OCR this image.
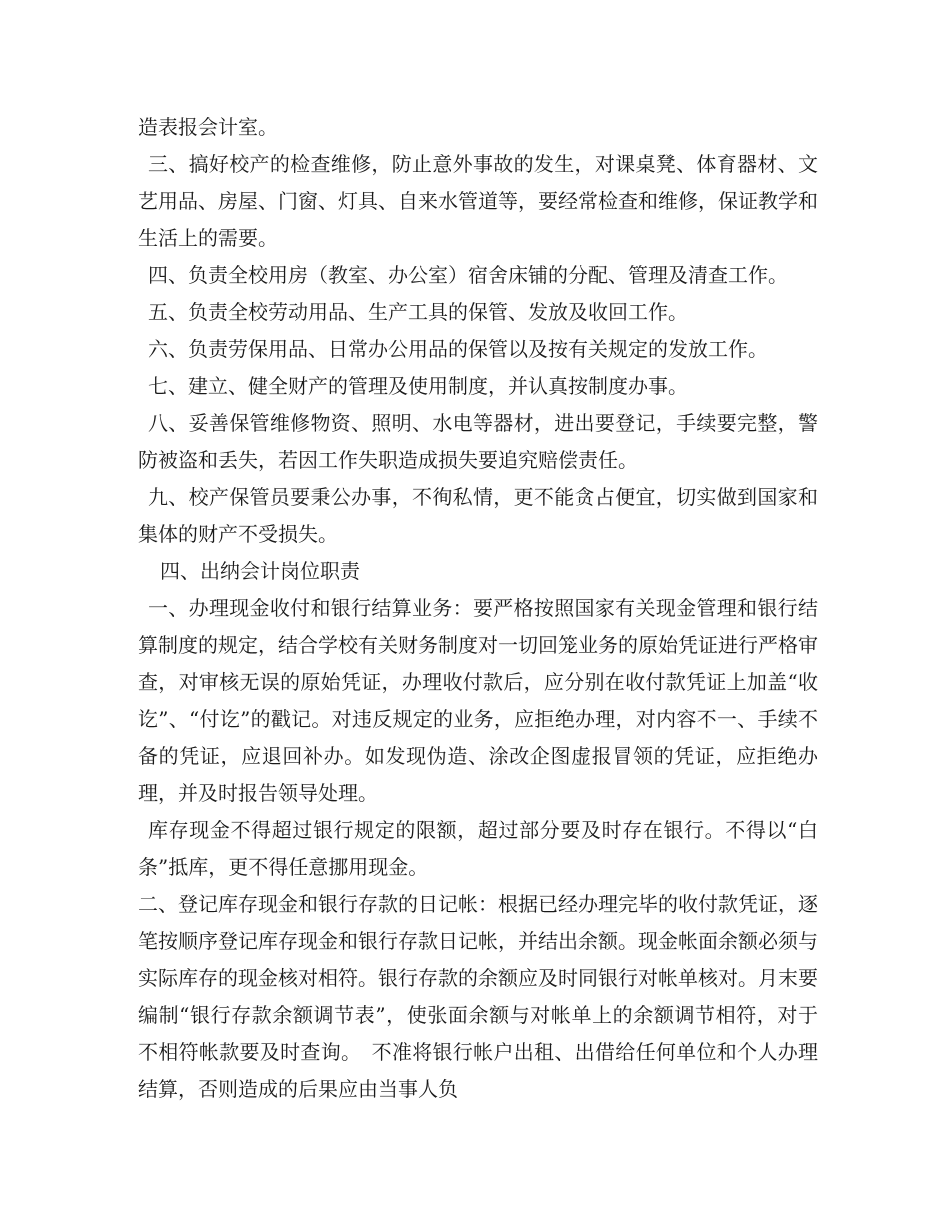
造表报会计室。

三、搞好校产的检查维修，防止意外事故的发生，对课桌凳、体育器材、文艺用品、房屋、门窗、灯具、自来水管道等，要经常检查和维修，保证教学和生活上的需要。

四、负责全校用房（教室、办公室）宿舍床铺的分配、管理及清查工作。

五、负责全校劳动用品、生产工具的保管、发放及收回工作。

六、负责劳保用品、日常办公用品的保管以及按有关规定的发放工作。

七、建立、健全财产的管理及使用制度，并认真按制度办事。

八、妥善保管维修物资、照明、水电等器材，进出要登记，手续要完整，警防被盗和丢失，若因工作失职造成损失要追究赔偿责任。

九、校产保管员要秉公办事，不徇私情，更不能贪占便宜，切实做到国家和集体的财产不受损失。

四、出纳会计岗位职责

一、办理现金收付和银行结算业务：要严格按照国家有关现金管理和银行结算制度的规定，结合学校有关财务制度对一切回笼业务的原始凭证进行严格审查，对审核无误的原始凭证，办理收付款后，应分别在收付款凭证上加盖“收讫”、“付讫”的戳记。对违反规定的业务，应拒绝办理，对内容不一、手续不备的凭证，应退回补办。如发现伪造、涂改企图虚报冒领的凭证，应拒绝办理，并及时报告领导处理。

库存现金不得超过银行规定的限额，超过部分要及时存在银行。不得以“白条”抵库，更不得任意挪用现金。

二、登记库存现金和银行存款的日记帐：根据已经办理完毕的收付款凭证，逐笔按顺序登记库存现金和银行存款日记帐，并结出余额。现金帐面余额必须与实际库存的现金核对相符。银行存款的余额应及时同银行对帐单核对。月末要编制“银行存款余额调节表”，使张面余额与对帐单上的余额调节相符，对于不相符帐款要及时查询。　不准将银行帐户出租、出借给任何单位和个人办理结算，否则造成的后果应由当事人负
